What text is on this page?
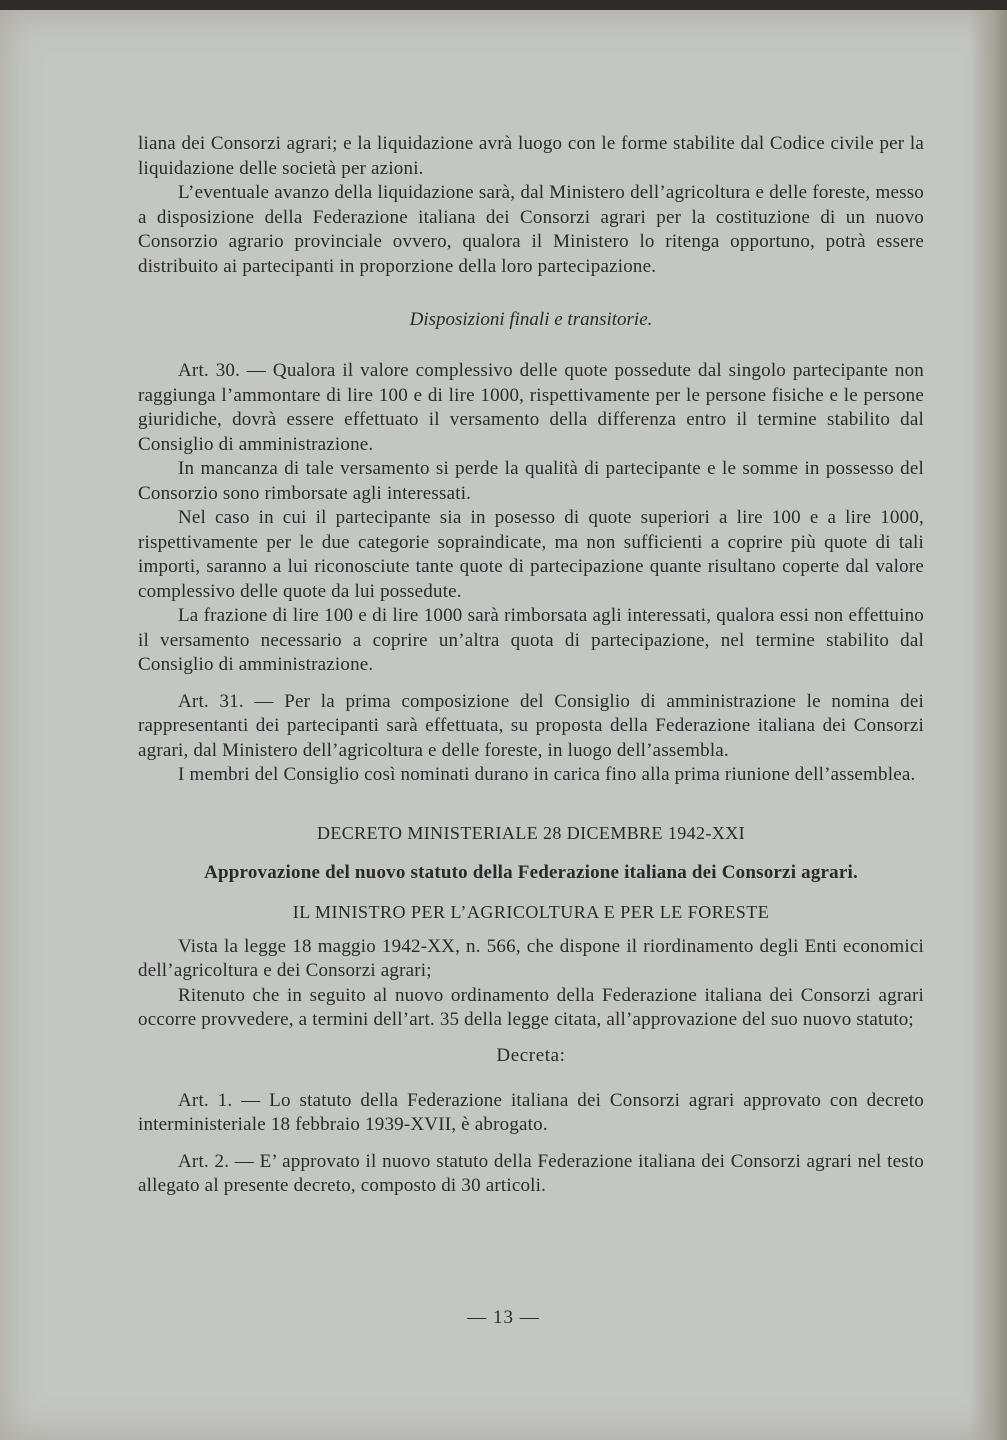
liana dei Consorzi agrari; e la liquidazione avrà luogo con le forme stabilite dal Codice civile per la liquidazione delle società per azioni.

L’eventuale avanzo della liquidazione sarà, dal Ministero dell’agricoltura e delle foreste, messo a disposizione della Federazione italiana dei Consorzi agrari per la costituzione di un nuovo Consorzio agrario provinciale ovvero, qualora il Ministero lo ritenga opportuno, potrà essere distribuito ai partecipanti in proporzione della loro partecipazione.

Disposizioni finali e transitorie.

Art. 30. — Qualora il valore complessivo delle quote possedute dal singolo partecipante non raggiunga l’ammontare di lire 100 e di lire 1000, rispettivamente per le persone fisiche e le persone giuridiche, dovrà essere effettuato il versamento della differenza entro il termine stabilito dal Consiglio di amministrazione.

In mancanza di tale versamento si perde la qualità di partecipante e le somme in possesso del Consorzio sono rimborsate agli interessati.

Nel caso in cui il partecipante sia in posesso di quote superiori a lire 100 e a lire 1000, rispettivamente per le due categorie sopraindicate, ma non sufficienti a coprire più quote di tali importi, saranno a lui riconosciute tante quote di partecipazione quante risultano coperte dal valore complessivo delle quote da lui possedute.

La frazione di lire 100 e di lire 1000 sarà rimborsata agli interessati, qualora essi non effettuino il versamento necessario a coprire un’altra quota di partecipazione, nel termine stabilito dal Consiglio di amministrazione.

Art. 31. — Per la prima composizione del Consiglio di amministrazione le nomina dei rappresentanti dei partecipanti sarà effettuata, su proposta della Federazione italiana dei Consorzi agrari, dal Ministero dell’agricoltura e delle foreste, in luogo dell’assembla.

I membri del Consiglio così nominati durano in carica fino alla prima riunione dell’assemblea.

DECRETO MINISTERIALE 28 DICEMBRE 1942-XXI
Approvazione del nuovo statuto della Federazione italiana dei Consorzi agrari.
IL MINISTRO PER L’AGRICOLTURA E PER LE FORESTE

Vista la legge 18 maggio 1942-XX, n. 566, che dispone il riordinamento degli Enti economici dell’agricoltura e dei Consorzi agrari;

Ritenuto che in seguito al nuovo ordinamento della Federazione italiana dei Consorzi agrari occorre provvedere, a termini dell’art. 35 della legge citata, all’approvazione del suo nuovo statuto;

Decreta:

Art. 1. — Lo statuto della Federazione italiana dei Consorzi agrari approvato con decreto interministeriale 18 febbraio 1939-XVII, è abrogato.

Art. 2. — E’ approvato il nuovo statuto della Federazione italiana dei Consorzi agrari nel testo allegato al presente decreto, composto di 30 articoli.

— 13 —
